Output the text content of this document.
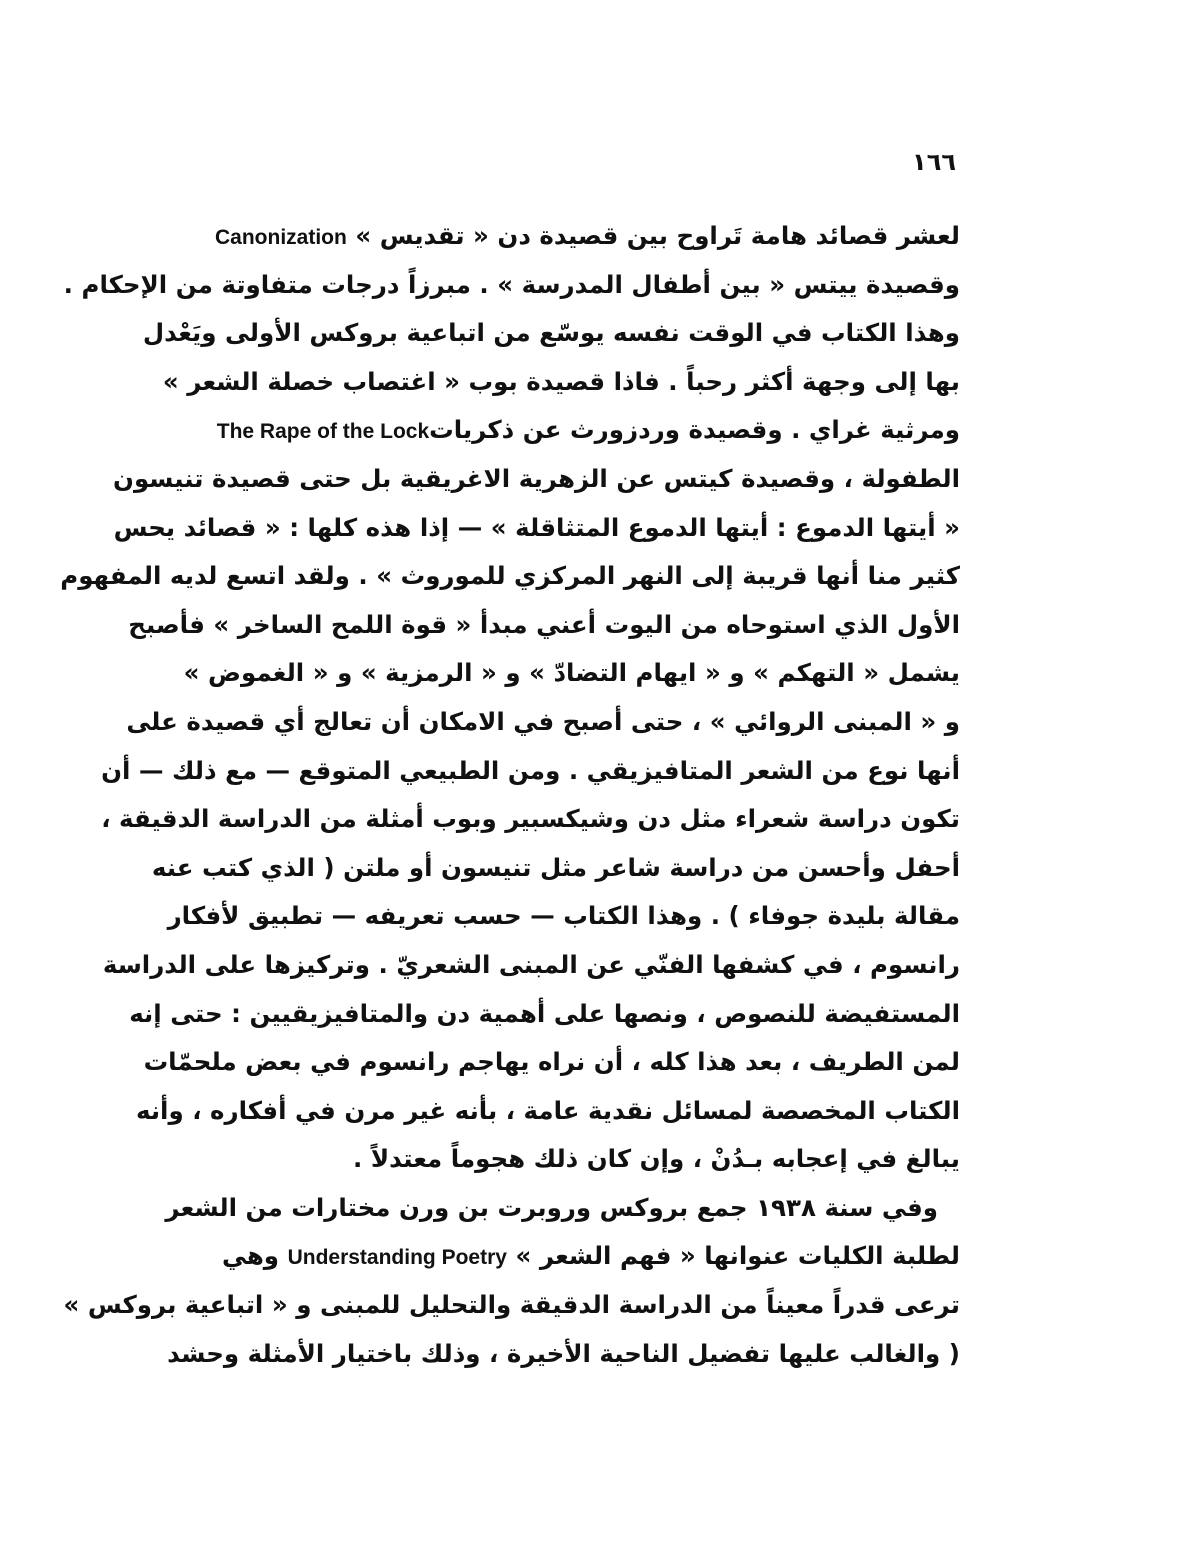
١٦٦
لعشر قصائد هامة تَراوح بين قصيدة دن « تقديس » Canonization
وقصيدة ييتس « بين أطفال المدرسة » . مبرزاً درجات متفاوتة من الإحكام .
وهذا الكتاب في الوقت نفسه يوسّع من اتباعية بروكس الأولى ويَعْدل
بها إلى وجهة أكثر رحباً . فاذا قصيدة بوب « اغتصاب خصلة الشعر »
ومرثية غراي . وقصيدة وردزورث عن ذكرياتThe Rape of the Lock
الطفولة ، وقصيدة كيتس عن الزهرية الاغريقية بل حتى قصيدة تنيسون
« أيتها الدموع : أيتها الدموع المتثاقلة » — إذا هذه كلها : « قصائد يحس
كثير منا أنها قريبة إلى النهر المركزي للموروث » . ولقد اتسع لديه المفهوم
الأول الذي استوحاه من اليوت أعني مبدأ « قوة اللمح الساخر » فأصبح
يشمل « التهكم » و « ايهام التضادّ » و « الرمزية » و « الغموض »
و « المبنى الروائي » ، حتى أصبح في الامكان أن تعالج أي قصيدة على
أنها نوع من الشعر المتافيزيقي . ومن الطبيعي المتوقع — مع ذلك — أن
تكون دراسة شعراء مثل دن وشيكسبير وبوب أمثلة من الدراسة الدقيقة ،
أحفل وأحسن من دراسة شاعر مثل تنيسون أو ملتن ( الذي كتب عنه
مقالة بليدة جوفاء ) . وهذا الكتاب — حسب تعريفه — تطبيق لأفكار
رانسوم ، في كشفها الفنّي عن المبنى الشعريّ . وتركيزها على الدراسة
المستفيضة للنصوص ، ونصها على أهمية دن والمتافيزيقيين : حتى إنه
لمن الطريف ، بعد هذا كله ، أن نراه يهاجم رانسوم في بعض ملحمّات
الكتاب المخصصة لمسائل نقدية عامة ، بأنه غير مرن في أفكاره ، وأنه
يبالغ في إعجابه بـدُنْ ، وإن كان ذلك هجوماً معتدلاً .
وفي سنة ١٩٣٨ جمع بروكس وروبرت بن ورن مختارات من الشعر
لطلبة الكليات عنوانها « فهم الشعر » Understanding Poetry وهي
ترعى قدراً معيناً من الدراسة الدقيقة والتحليل للمبنى و « اتباعية بروكس »
( والغالب عليها تفضيل الناحية الأخيرة ، وذلك باختيار الأمثلة وحشد
